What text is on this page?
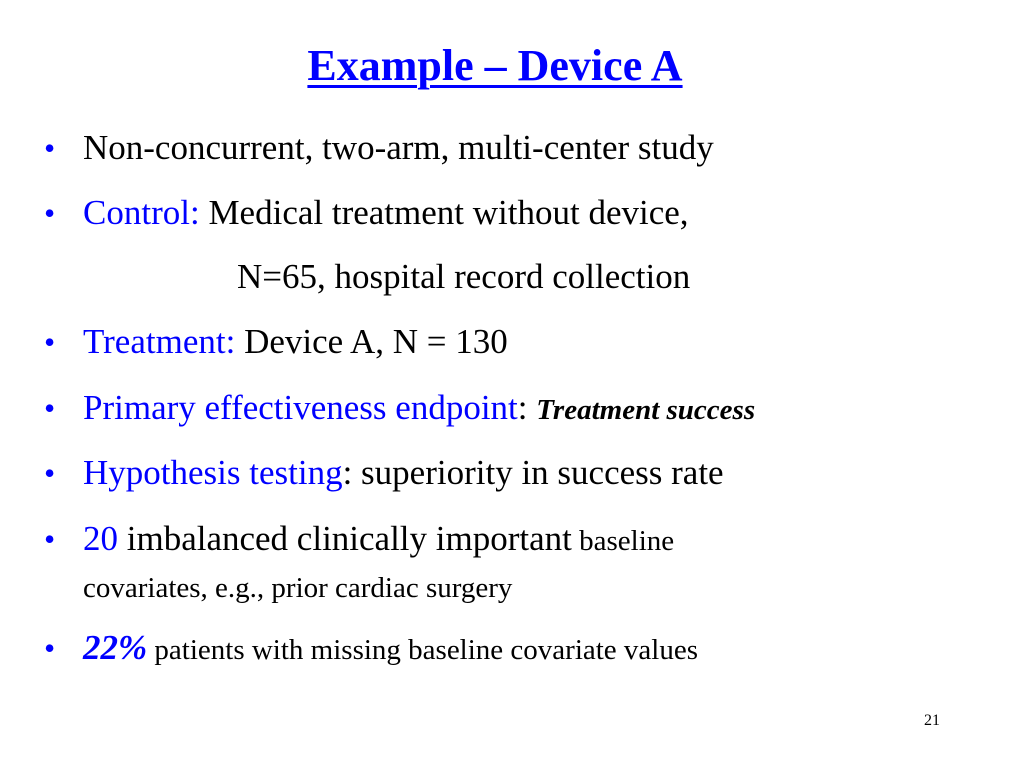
Example – Device A
• Non-concurrent, two-arm, multi-center study
• Control: Medical treatment without device,
N=65, hospital record collection
• Treatment: Device A, N = 130
• Primary effectiveness endpoint: Treatment success
• Hypothesis testing: superiority in success rate
• 20 imbalanced clinically important baseline
covariates, e.g., prior cardiac surgery
• 22% patients with missing baseline covariate values
21
